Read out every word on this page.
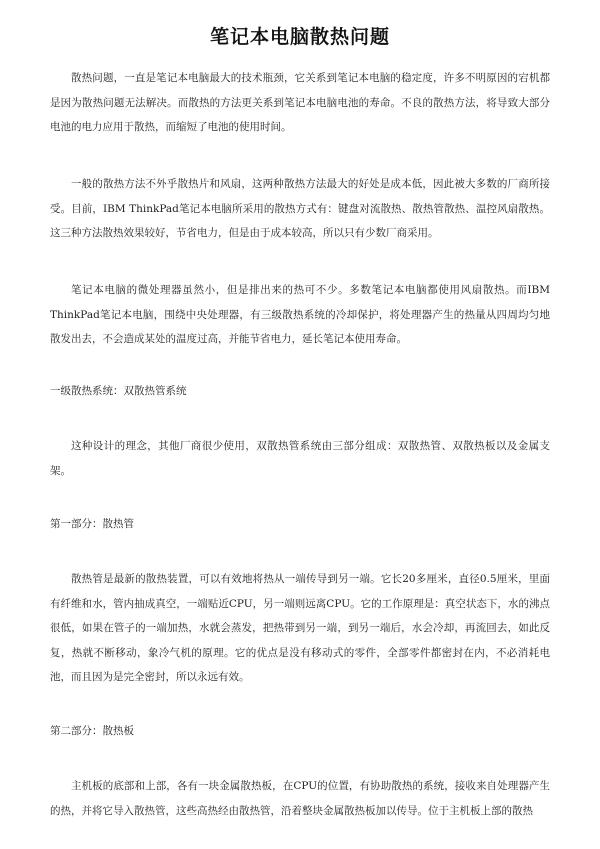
笔记本电脑散热问题

散热问题，一直是笔记本电脑最大的技术瓶颈，它关系到笔记本电脑的稳定度，许多不明原因的宕机都是因为散热问题无法解决。而散热的方法更关系到笔记本电脑电池的寿命。不良的散热方法，将导致大部分电池的电力应用于散热，而缩短了电池的使用时间。

一般的散热方法不外乎散热片和风扇，这两种散热方法最大的好处是成本低，因此被大多数的厂商所接受。目前，IBM ThinkPad笔记本电脑所采用的散热方式有：键盘对流散热、散热管散热、温控风扇散热。这三种方法散热效果较好，节省电力，但是由于成本较高，所以只有少数厂商采用。

笔记本电脑的微处理器虽然小，但是排出来的热可不少。多数笔记本电脑都使用风扇散热。而IBM ThinkPad笔记本电脑，围绕中央处理器，有三级散热系统的冷却保护，将处理器产生的热量从四周均匀地散发出去，不会造成某处的温度过高，并能节省电力，延长笔记本使用寿命。

一级散热系统：双散热管系统

这种设计的理念，其他厂商很少使用，双散热管系统由三部分组成：双散热管、双散热板以及金属支架。

第一部分：散热管

散热管是最新的散热装置，可以有效地将热从一端传导到另一端。它长20多厘米，直径0.5厘米，里面有纤维和水，管内抽成真空，一端贴近CPU，另一端则远离CPU。它的工作原理是：真空状态下，水的沸点很低，如果在管子的一端加热，水就会蒸发，把热带到另一端，到另一端后，水会冷却，再流回去，如此反复，热就不断移动，象冷气机的原理。它的优点是没有移动式的零件，全部零件都密封在内，不必消耗电池，而且因为是完全密封，所以永远有效。

第二部分：散热板

主机板的底部和上部，各有一块金属散热板，在CPU的位置，有协助散热的系统，接收来自处理器产生的热，并将它导入散热管，这些高热经由散热管，沿着整块金属散热板加以传导。位于主机板上部的散热
